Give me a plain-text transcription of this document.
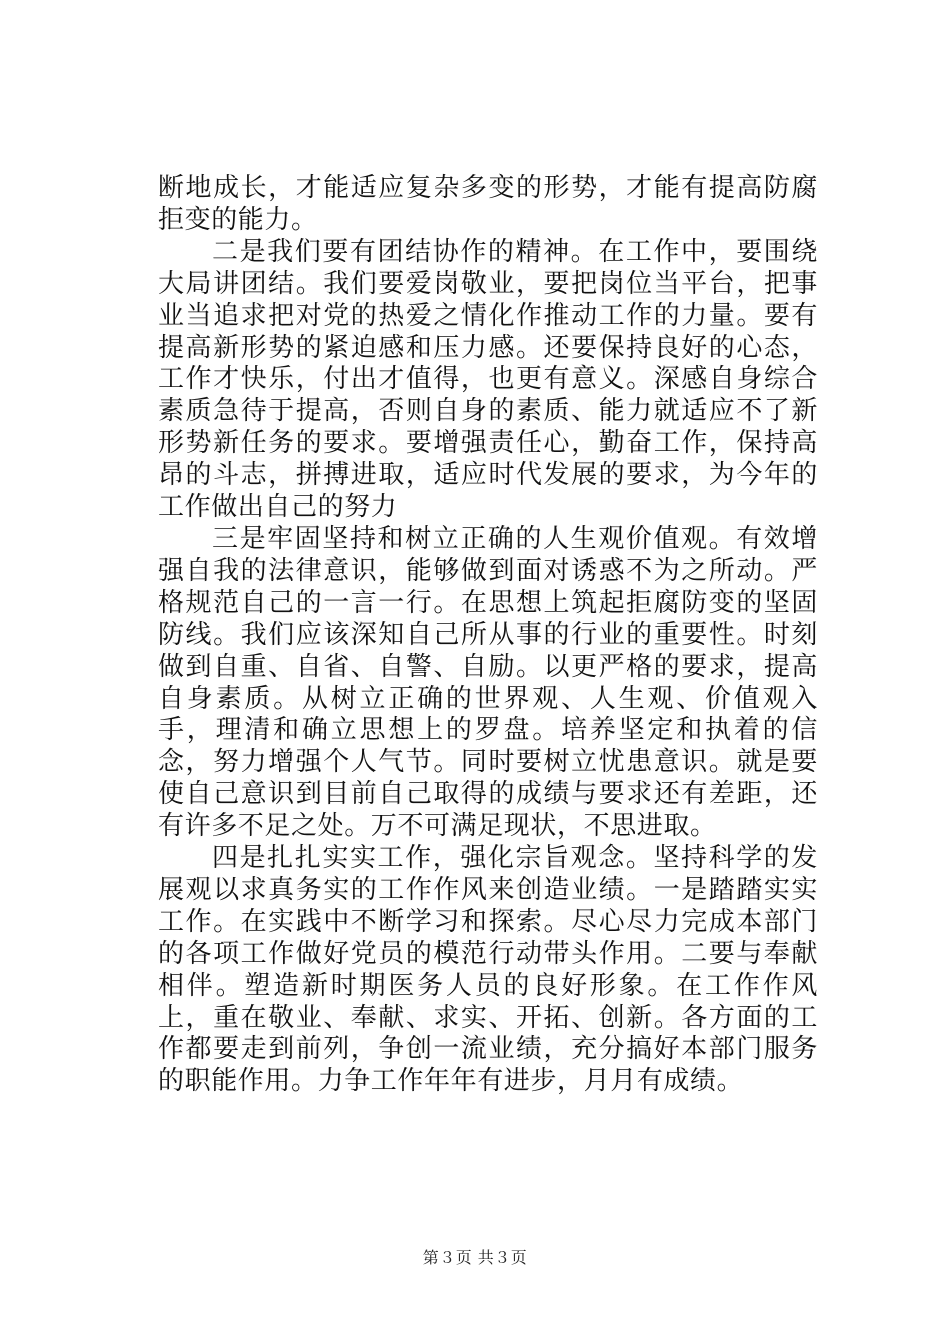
断地成长，才能适应复杂多变的形势，才能有提高防腐拒变的能力。

二是我们要有团结协作的精神。在工作中，要围绕大局讲团结。我们要爱岗敬业，要把岗位当平台，把事业当追求把对党的热爱之情化作推动工作的力量。要有提高新形势的紧迫感和压力感。还要保持良好的心态，工作才快乐，付出才值得，也更有意义。深感自身综合素质急待于提高，否则自身的素质、能力就适应不了新形势新任务的要求。要增强责任心，勤奋工作，保持高昂的斗志，拼搏进取，适应时代发展的要求，为今年的工作做出自己的努力

三是牢固坚持和树立正确的人生观价值观。有效增强自我的法律意识，能够做到面对诱惑不为之所动。严格规范自己的一言一行。在思想上筑起拒腐防变的坚固防线。我们应该深知自己所从事的行业的重要性。时刻做到自重、自省、自警、自励。以更严格的要求，提高自身素质。从树立正确的世界观、人生观、价值观入手，理清和确立思想上的罗盘。培养坚定和执着的信念，努力增强个人气节。同时要树立忧患意识。就是要使自己意识到目前自己取得的成绩与要求还有差距，还有许多不足之处。万不可满足现状，不思进取。

四是扎扎实实工作，强化宗旨观念。坚持科学的发展观以求真务实的工作作风来创造业绩。一是踏踏实实工作。在实践中不断学习和探索。尽心尽力完成本部门的各项工作做好党员的模范行动带头作用。二要与奉献相伴。塑造新时期医务人员的良好形象。在工作作风上，重在敬业、奉献、求实、开拓、创新。各方面的工作都要走到前列，争创一流业绩，充分搞好本部门服务的职能作用。力争工作年年有进步，月月有成绩。

第３页 共３页
